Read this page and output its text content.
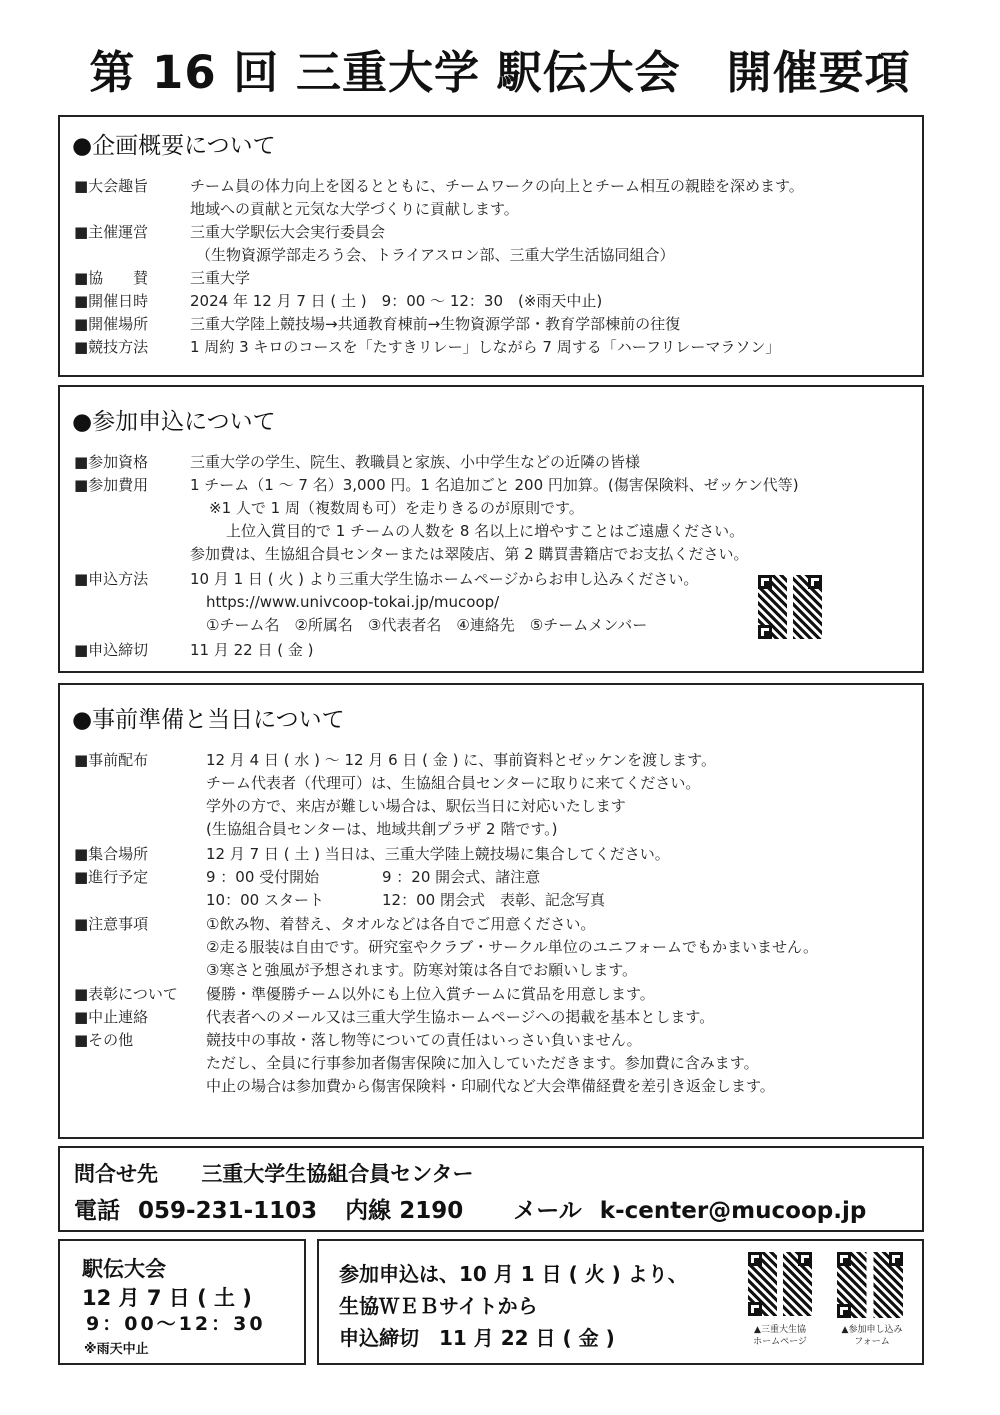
第 16 回 三重大学 駅伝大会　開催要項
●企画概要について
■大会趣旨	チーム員の体力向上を図るとともに、チームワークの向上とチーム相互の親睦を深めます。
地域への貢献と元気な大学づくりに貢献します。
■主催運営	三重大学駅伝大会実行委員会
（生物資源学部走ろう会、トライアスロン部、三重大学生活協同組合）
■協　　賛	三重大学
■開催日時	2024 年 12 月 7 日 ( 土 )　9：00 ～ 12：30　(※雨天中止)
■開催場所	三重大学陸上競技場→共通教育棟前→生物資源学部・教育学部棟前の往復
■競技方法	1 周約 3 キロのコースを「たすきリレー」しながら 7 周する「ハーフリレーマラソン」
●参加申込について
■参加資格	三重大学の学生、院生、教職員と家族、小中学生などの近隣の皆様
■参加費用	1 チーム（1 ～ 7 名）3,000 円。1 名追加ごと 200 円加算。(傷害保険料、ゼッケン代等)
※1 人で 1 周（複数周も可）を走りきるのが原則です。
上位入賞目的で 1 チームの人数を 8 名以上に増やすことはご遠慮ください。
参加費は、生協組合員センターまたは翠陵店、第 2 購買書籍店でお支払ください。
■申込方法	10 月 1 日 ( 火 ) より三重大学生協ホームページからお申し込みください。
https://www.univcoop-tokai.jp/mucoop/
①チーム名　②所属名　③代表者名　④連絡先　⑤チームメンバー
■申込締切	11 月 22 日 ( 金 )
●事前準備と当日について
■事前配布	12 月 4 日 ( 水 ) ～ 12 月 6 日 ( 金 ) に、事前資料とゼッケンを渡します。
チーム代表者（代理可）は、生協組合員センターに取りに来てください。
学外の方で、来店が難しい場合は、駅伝当日に対応いたします
(生協組合員センターは、地域共創プラザ 2 階です。)
■集合場所	12 月 7 日 ( 土 ) 当日は、三重大学陸上競技場に集合してください。
■進行予定	9 ：00 受付開始	9 ：20 開会式、諸注意
10：00 スタート	12：00 閉会式　表彰、記念写真
■注意事項	①飲み物、着替え、タオルなどは各自でご用意ください。
②走る服装は自由です。研究室やクラブ・サークル単位のユニフォームでもかまいません。
③寒さと強風が予想されます。防寒対策は各自でお願いします。
■表彰について 優勝・準優勝チーム以外にも上位入賞チームに賞品を用意します。
■中止連絡	代表者へのメール又は三重大学生協ホームページへの掲載を基本とします。
■その他	競技中の事故・落し物等についての責任はいっさい負いません。
ただし、全員に行事参加者傷害保険に加入していただきます。参加費に含みます。
中止の場合は参加費から傷害保険料・印刷代など大会準備経費を差引き返金します。
問合せ先 三重大学生協組合員センター
電話 059-231-1103 内線 2190 メール k-center@mucoop.jp
駅伝大会
12 月 7 日 ( 土 )
9：00～12：30
※雨天中止
参加申込は、10 月 1 日 ( 火 ) より、
生協ＷＥＢサイトから
申込締切　11 月 22 日 ( 金 )	▲三重大生協
ホームページ
▲参加申し込み
フォーム
